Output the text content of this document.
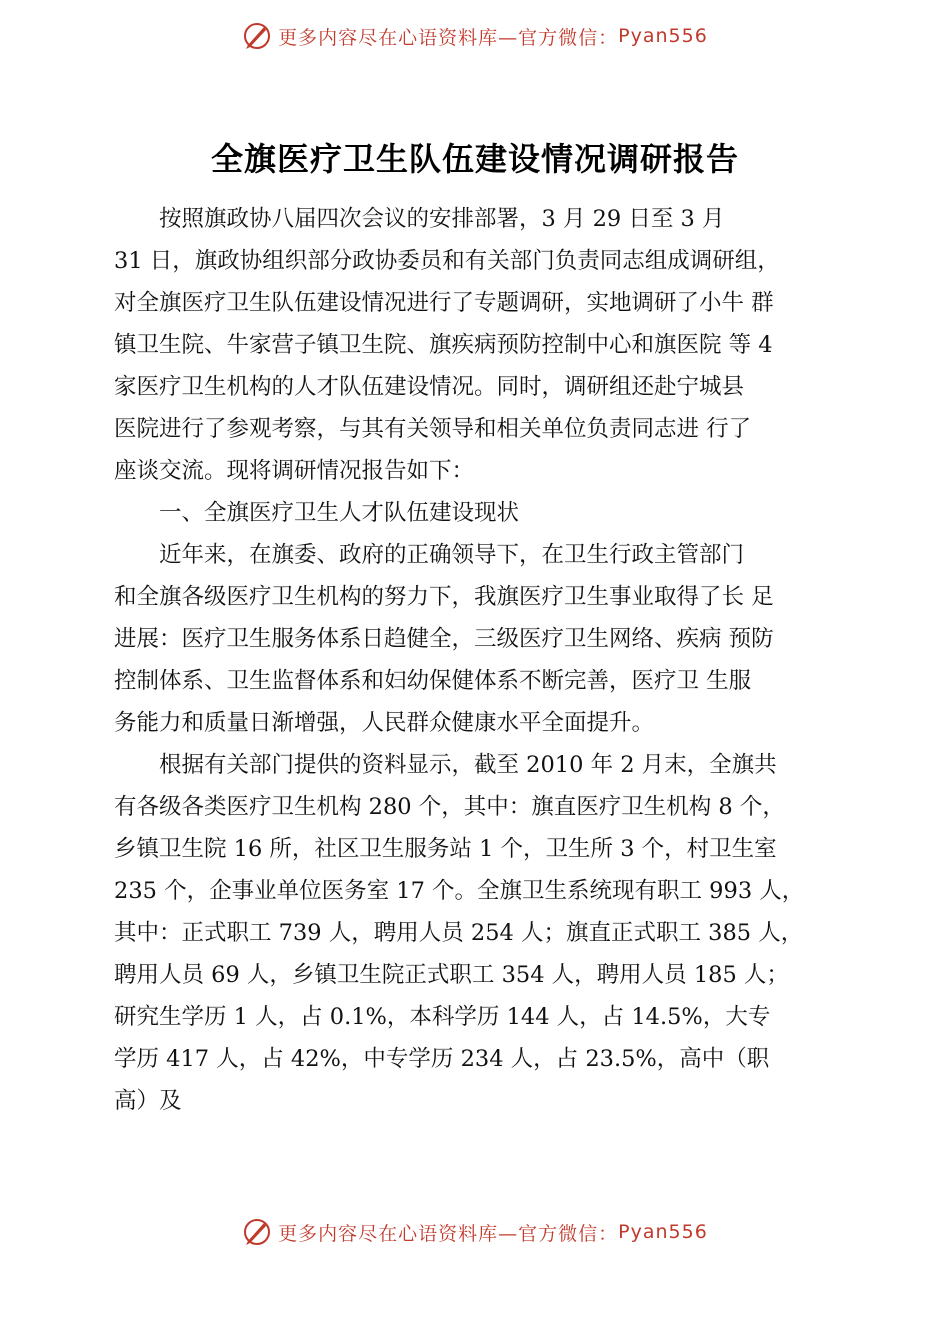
更多内容尽在心语资料库—官方微信： Pyan556
全旗医疗卫生队伍建设情况调研报告
　　按照旗政协八届四次会议的安排部署，3 月 29 日至 3 月
31 日，旗政协组织部分政协委员和有关部门负责同志组成调研组，
对全旗医疗卫生队伍建设情况进行了专题调研，实地调研了小牛 群
镇卫生院、牛家营子镇卫生院、旗疾病预防控制中心和旗医院 等 4
家医疗卫生机构的人才队伍建设情况。同时，调研组还赴宁城县
医院进行了参观考察，与其有关领导和相关单位负责同志进 行了
座谈交流。现将调研情况报告如下：
　　一、全旗医疗卫生人才队伍建设现状
　　近年来，在旗委、政府的正确领导下，在卫生行政主管部门
和全旗各级医疗卫生机构的努力下，我旗医疗卫生事业取得了长 足
进展：医疗卫生服务体系日趋健全，三级医疗卫生网络、疾病 预防
控制体系、卫生监督体系和妇幼保健体系不断完善，医疗卫 生服
务能力和质量日渐增强，人民群众健康水平全面提升。
　　根据有关部门提供的资料显示，截至 2010 年 2 月末，全旗共
有各级各类医疗卫生机构 280 个，其中：旗直医疗卫生机构 8 个，
乡镇卫生院 16 所，社区卫生服务站 1 个，卫生所 3 个，村卫生室
235 个，企事业单位医务室 17 个。全旗卫生系统现有职工 993 人，
其中：正式职工 739 人，聘用人员 254 人；旗直正式职工 385 人，
聘用人员 69 人，乡镇卫生院正式职工 354 人，聘用人员 185 人；
研究生学历 1 人，占 0.1%，本科学历 144 人，占 14.5%，大专
学历 417 人，占 42%，中专学历 234 人，占 23.5%，高中（职
高）及
更多内容尽在心语资料库—官方微信： Pyan556
